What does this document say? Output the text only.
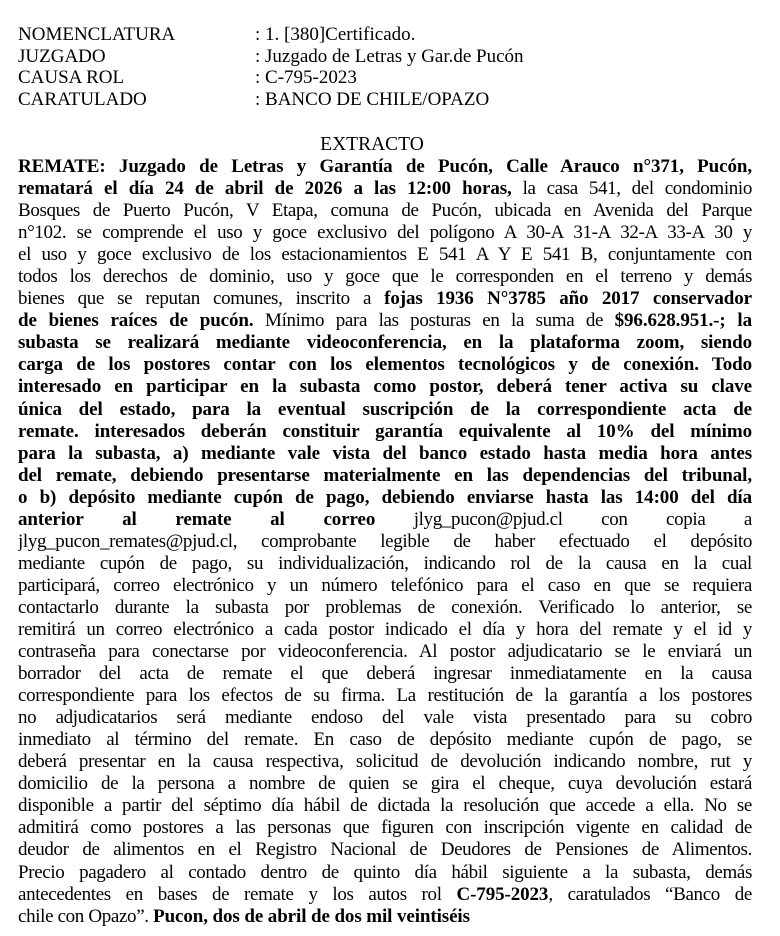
NOMENCLATURA	: 1. [380]Certificado.
JUZGADO	: Juzgado de Letras y Gar.de Pucón
CAUSA ROL	: C-795-2023
CARATULADO	: BANCO DE CHILE/OPAZO
EXTRACTO
REMATE: Juzgado de Letras y Garantía de Pucón, Calle Arauco n°371, Pucón,
rematará el día 24 de abril de 2026 a las 12:00 horas, la casa 541, del condominio
Bosques de Puerto Pucón, V Etapa, comuna de Pucón, ubicada en Avenida del Parque
n°102. se comprende el uso y goce exclusivo del polígono A 30-A 31-A 32-A 33-A 30 y
el uso y goce exclusivo de los estacionamientos E 541 A Y E 541 B, conjuntamente con
todos los derechos de dominio, uso y goce que le corresponden en el terreno y demás
bienes que se reputan comunes, inscrito a fojas 1936 N°3785 año 2017 conservador
de bienes raíces de pucón. Mínimo para las posturas en la suma de $96.628.951.-; la
subasta se realizará mediante videoconferencia, en la plataforma zoom, siendo
carga de los postores contar con los elementos tecnológicos y de conexión. Todo
interesado en participar en la subasta como postor, deberá tener activa su clave
única del estado, para la eventual suscripción de la correspondiente acta de
remate. interesados deberán constituir garantía equivalente al 10% del mínimo
para la subasta, a) mediante vale vista del banco estado hasta media hora antes
del remate, debiendo presentarse materialmente en las dependencias del tribunal,
o b) depósito mediante cupón de pago, debiendo enviarse hasta las 14:00 del día
anterior al remate al correo jlyg_pucon@pjud.cl con copia a
jlyg_pucon_remates@pjud.cl, comprobante legible de haber efectuado el depósito
mediante cupón de pago, su individualización, indicando rol de la causa en la cual
participará, correo electrónico y un número telefónico para el caso en que se requiera
contactarlo durante la subasta por problemas de conexión. Verificado lo anterior, se
remitirá un correo electrónico a cada postor indicado el día y hora del remate y el id y
contraseña para conectarse por videoconferencia. Al postor adjudicatario se le enviará un
borrador del acta de remate el que deberá ingresar inmediatamente en la causa
correspondiente para los efectos de su firma. La restitución de la garantía a los postores
no adjudicatarios será mediante endoso del vale vista presentado para su cobro
inmediato al término del remate. En caso de depósito mediante cupón de pago, se
deberá presentar en la causa respectiva, solicitud de devolución indicando nombre, rut y
domicilio de la persona a nombre de quien se gira el cheque, cuya devolución estará
disponible a partir del séptimo día hábil de dictada la resolución que accede a ella. No se
admitirá como postores a las personas que figuren con inscripción vigente en calidad de
deudor de alimentos en el Registro Nacional de Deudores de Pensiones de Alimentos.
Precio pagadero al contado dentro de quinto día hábil siguiente a la subasta, demás
antecedentes en bases de remate y los autos rol C-795-2023, caratulados “Banco de
chile con Opazo”. Pucon, dos de abril de dos mil veintiséis
